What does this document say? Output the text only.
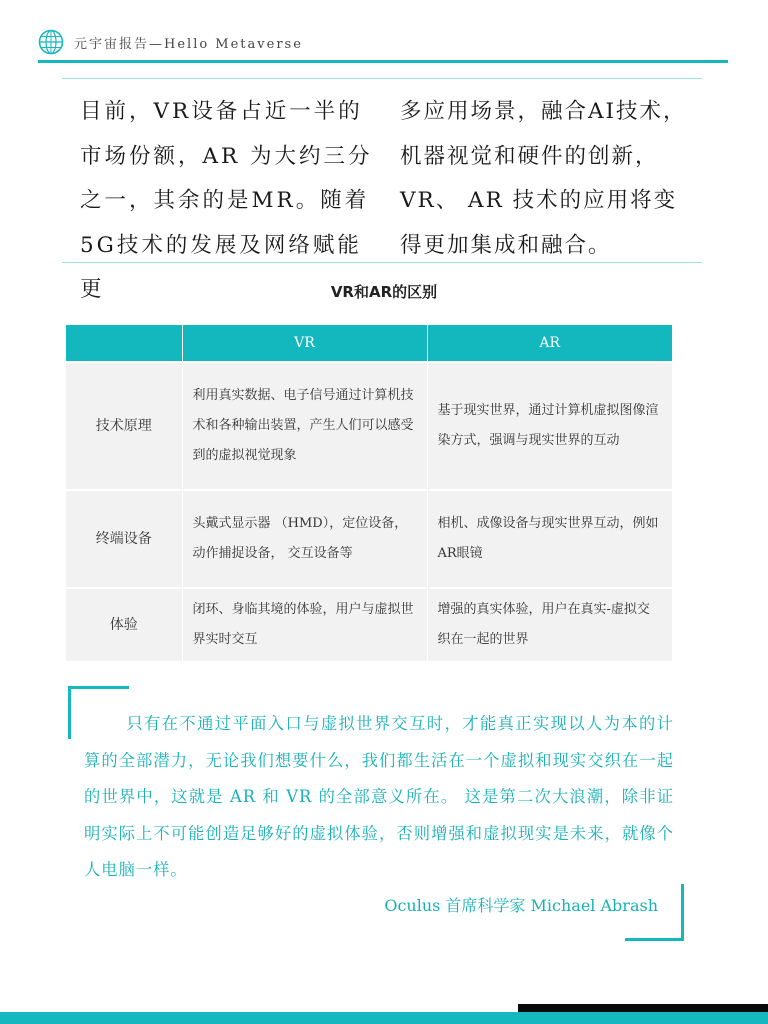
元宇宙报告—Hello Metaverse
目前，VR设备占近一半的市场份额，AR 为大约三分之一，其余的是MR。随着5G技术的发展及网络赋能更
多应用场景，融合AI技术，机器视觉和硬件的创新，VR、 AR 技术的应用将变得更加集成和融合。
VR和AR的区别
	VR	AR
技术原理	利用真实数据、电子信号通过计算机技术和各种输出装置，产生人们可以感受到的虚拟视觉现象	基于现实世界，通过计算机虚拟图像渲染方式，强调与现实世界的互动
终端设备	头戴式显示器 （HMD），定位设备， 动作捕捉设备， 交互设备等	相机、成像设备与现实世界互动，例如AR眼镜
体验	闭环、身临其境的体验，用户与虚拟世界实时交互	增强的真实体验，用户在真实-虚拟交织在一起的世界
只有在不通过平面入口与虚拟世界交互时，才能真正实现以人为本的计算的全部潜力，无论我们想要什么，我们都生活在一个虚拟和现实交织在一起的世界中，这就是 AR 和 VR 的全部意义所在。 这是第二次大浪潮，除非证明实际上不可能创造足够好的虚拟体验，否则增强和虚拟现实是未来，就像个人电脑一样。
Oculus 首席科学家 Michael Abrash
